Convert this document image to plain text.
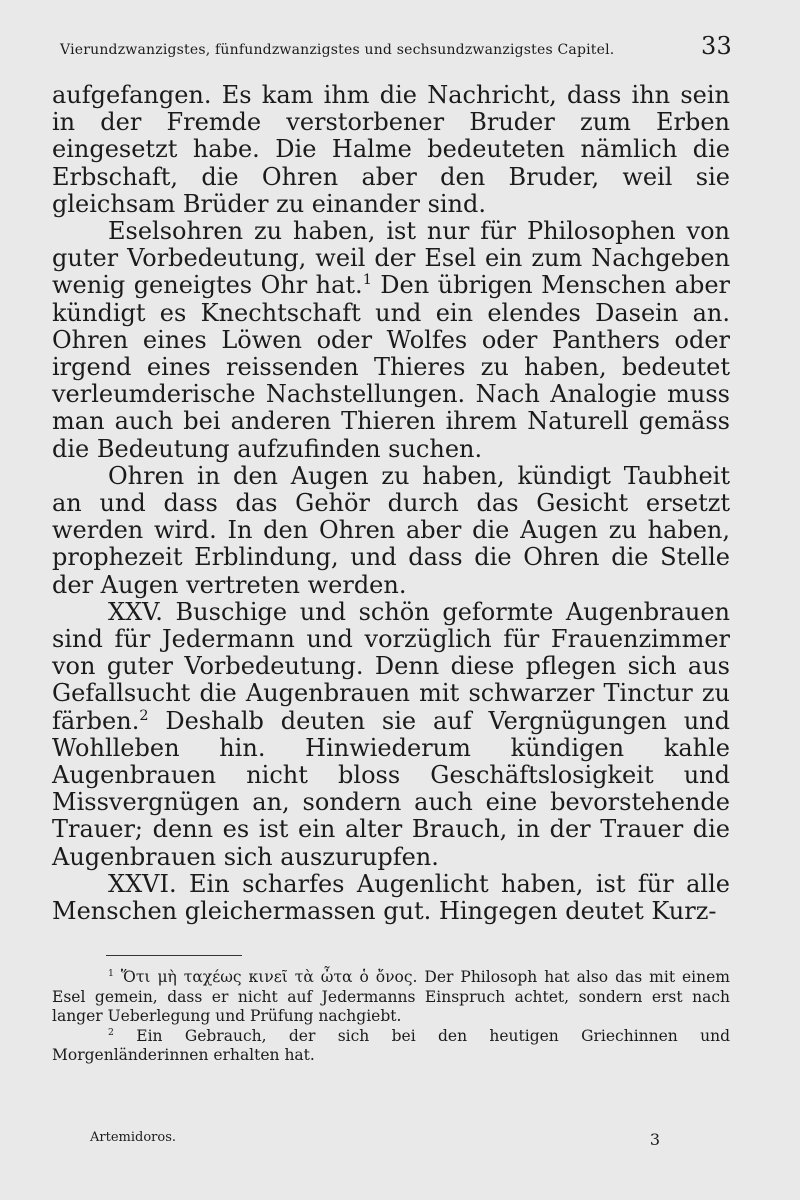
Vierundzwanzigstes, fünfundzwanzigstes und sechsundzwanzigstes Capitel.	33

aufgefangen. Es kam ihm die Nachricht, dass ihn sein in der Fremde verstorbener Bruder zum Erben eingesetzt habe. Die Halme bedeuteten nämlich die Erbschaft, die Ohren aber den Bruder, weil sie gleichsam Brüder zu einander sind.

Eselsohren zu haben, ist nur für Philosophen von guter Vorbedeutung, weil der Esel ein zum Nachgeben wenig geneigtes Ohr hat.$^1$ Den übrigen Menschen aber kündigt es Knechtschaft und ein elendes Dasein an. Ohren eines Löwen oder Wolfes oder Panthers oder irgend eines reissenden Thieres zu haben, bedeutet verleumderische Nachstellungen. Nach Analogie muss man auch bei anderen Thieren ihrem Naturell gemäss die Bedeutung aufzufinden suchen.

Ohren in den Augen zu haben, kündigt Taubheit an und dass das Gehör durch das Gesicht ersetzt werden wird. In den Ohren aber die Augen zu haben, prophezeit Erblindung, und dass die Ohren die Stelle der Augen vertreten werden.

XXV. Buschige und schön geformte Augenbrauen sind für Jedermann und vorzüglich für Frauenzimmer von guter Vorbedeutung. Denn diese pflegen sich aus Gefallsucht die Augenbrauen mit schwarzer Tinctur zu färben.$^2$ Deshalb deuten sie auf Vergnügungen und Wohlleben hin. Hinwiederum kündigen kahle Augenbrauen nicht bloss Geschäftslosigkeit und Missvergnügen an, sondern auch eine bevorstehende Trauer; denn es ist ein alter Brauch, in der Trauer die Augenbrauen sich auszurupfen.

XXVI. Ein scharfes Augenlicht haben, ist für alle Menschen gleichermassen gut. Hingegen deutet Kurz-

$^1$ Ὅτι μὴ ταχέως κινεῖ τὰ ὦτα ὁ ὄνος. Der Philosoph hat also das mit einem Esel gemein, dass er nicht auf Jedermanns Einspruch achtet, sondern erst nach langer Ueberlegung und Prüfung nachgiebt.

$^2$ Ein Gebrauch, der sich bei den heutigen Griechinnen und Morgenländerinnen erhalten hat.

Artemidoros.	3
